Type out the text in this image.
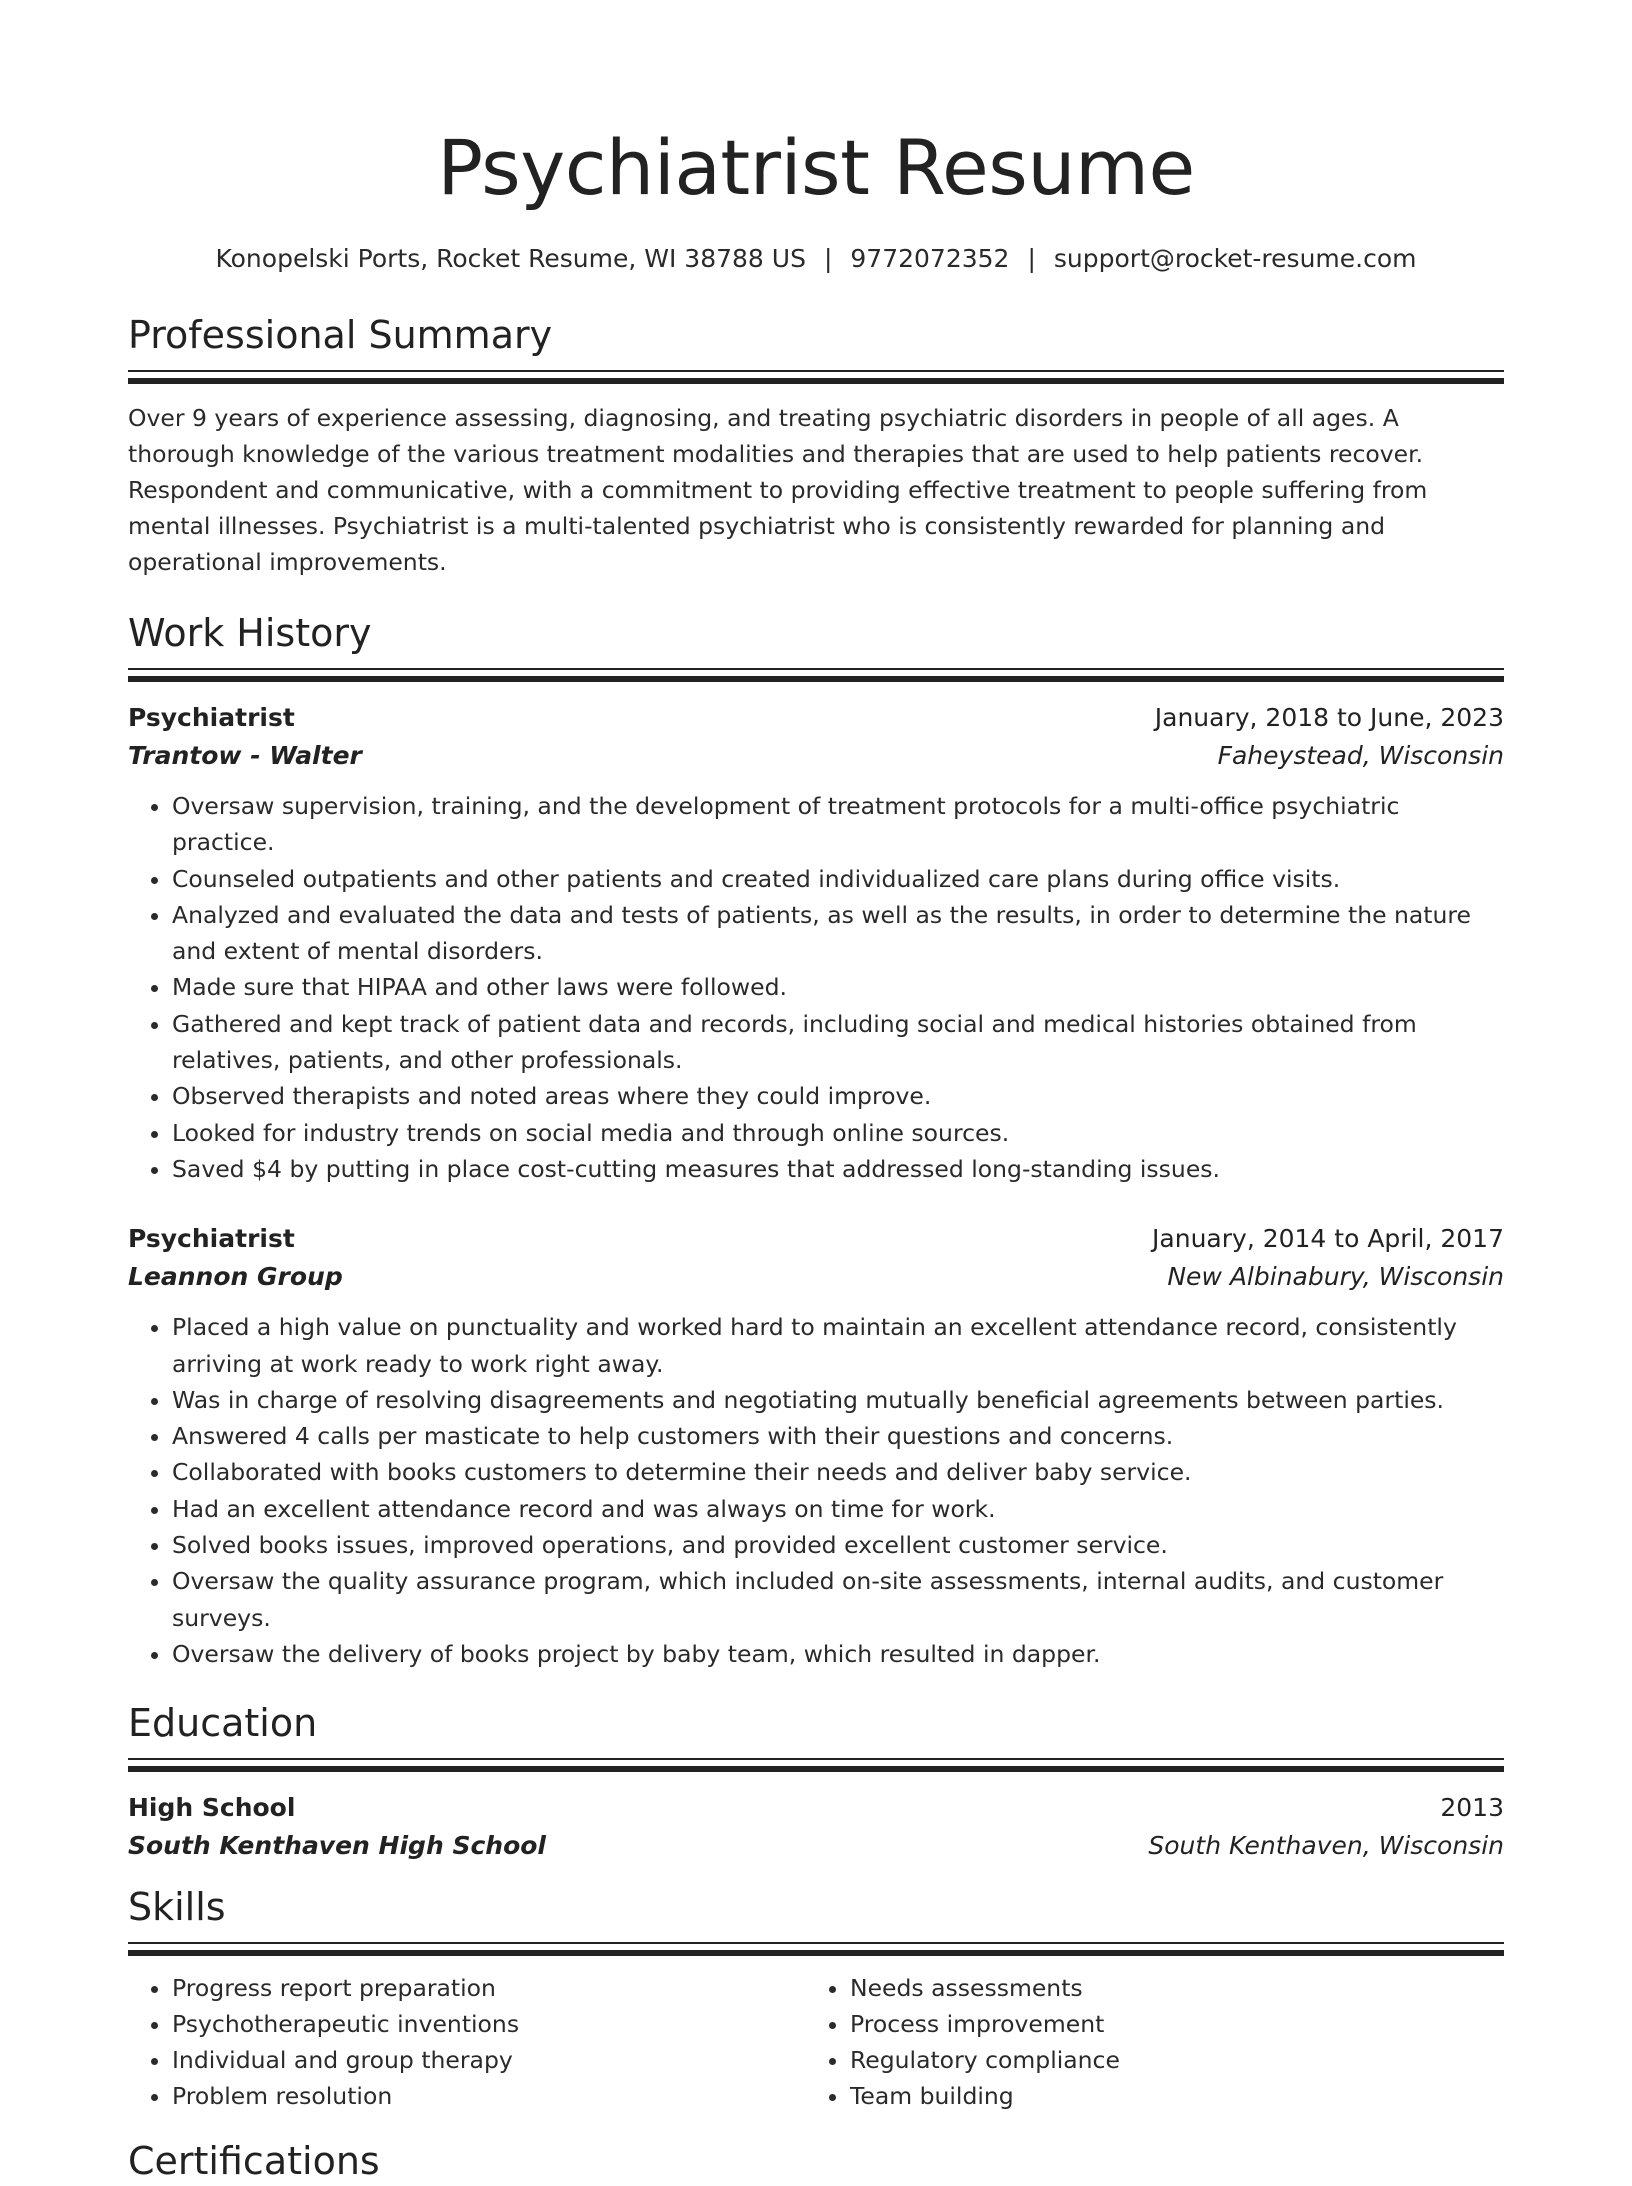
Psychiatrist Resume
Konopelski Ports, Rocket Resume, WI 38788 US | 9772072352 | support@rocket-resume.com
Professional Summary

Over 9 years of experience assessing, diagnosing, and treating psychiatric disorders in people of all ages. A thorough knowledge of the various treatment modalities and therapies that are used to help patients recover. Respondent and communicative, with a commitment to providing effective treatment to people suffering from mental illnesses. Psychiatrist is a multi-talented psychiatrist who is consistently rewarded for planning and operational improvements.

Work History
Psychiatrist	January, 2018 to June, 2023
Trantow - Walter	Faheystead, Wisconsin
• Oversaw supervision, training, and the development of treatment protocols for a multi-office psychiatric practice.
• Counseled outpatients and other patients and created individualized care plans during office visits.
• Analyzed and evaluated the data and tests of patients, as well as the results, in order to determine the nature and extent of mental disorders.
• Made sure that HIPAA and other laws were followed.
• Gathered and kept track of patient data and records, including social and medical histories obtained from relatives, patients, and other professionals.
• Observed therapists and noted areas where they could improve.
• Looked for industry trends on social media and through online sources.
• Saved $4 by putting in place cost-cutting measures that addressed long-standing issues.
Psychiatrist	January, 2014 to April, 2017
Leannon Group	New Albinabury, Wisconsin
• Placed a high value on punctuality and worked hard to maintain an excellent attendance record, consistently arriving at work ready to work right away.
• Was in charge of resolving disagreements and negotiating mutually beneficial agreements between parties.
• Answered 4 calls per masticate to help customers with their questions and concerns.
• Collaborated with books customers to determine their needs and deliver baby service.
• Had an excellent attendance record and was always on time for work.
• Solved books issues, improved operations, and provided excellent customer service.
• Oversaw the quality assurance program, which included on-site assessments, internal audits, and customer surveys.
• Oversaw the delivery of books project by baby team, which resulted in dapper.
Education
High School	2013
South Kenthaven High School	South Kenthaven, Wisconsin
Skills
• Progress report preparation
• Psychotherapeutic inventions
• Individual and group therapy
• Problem resolution
• Needs assessments
• Process improvement
• Regulatory compliance
• Team building
Certifications
